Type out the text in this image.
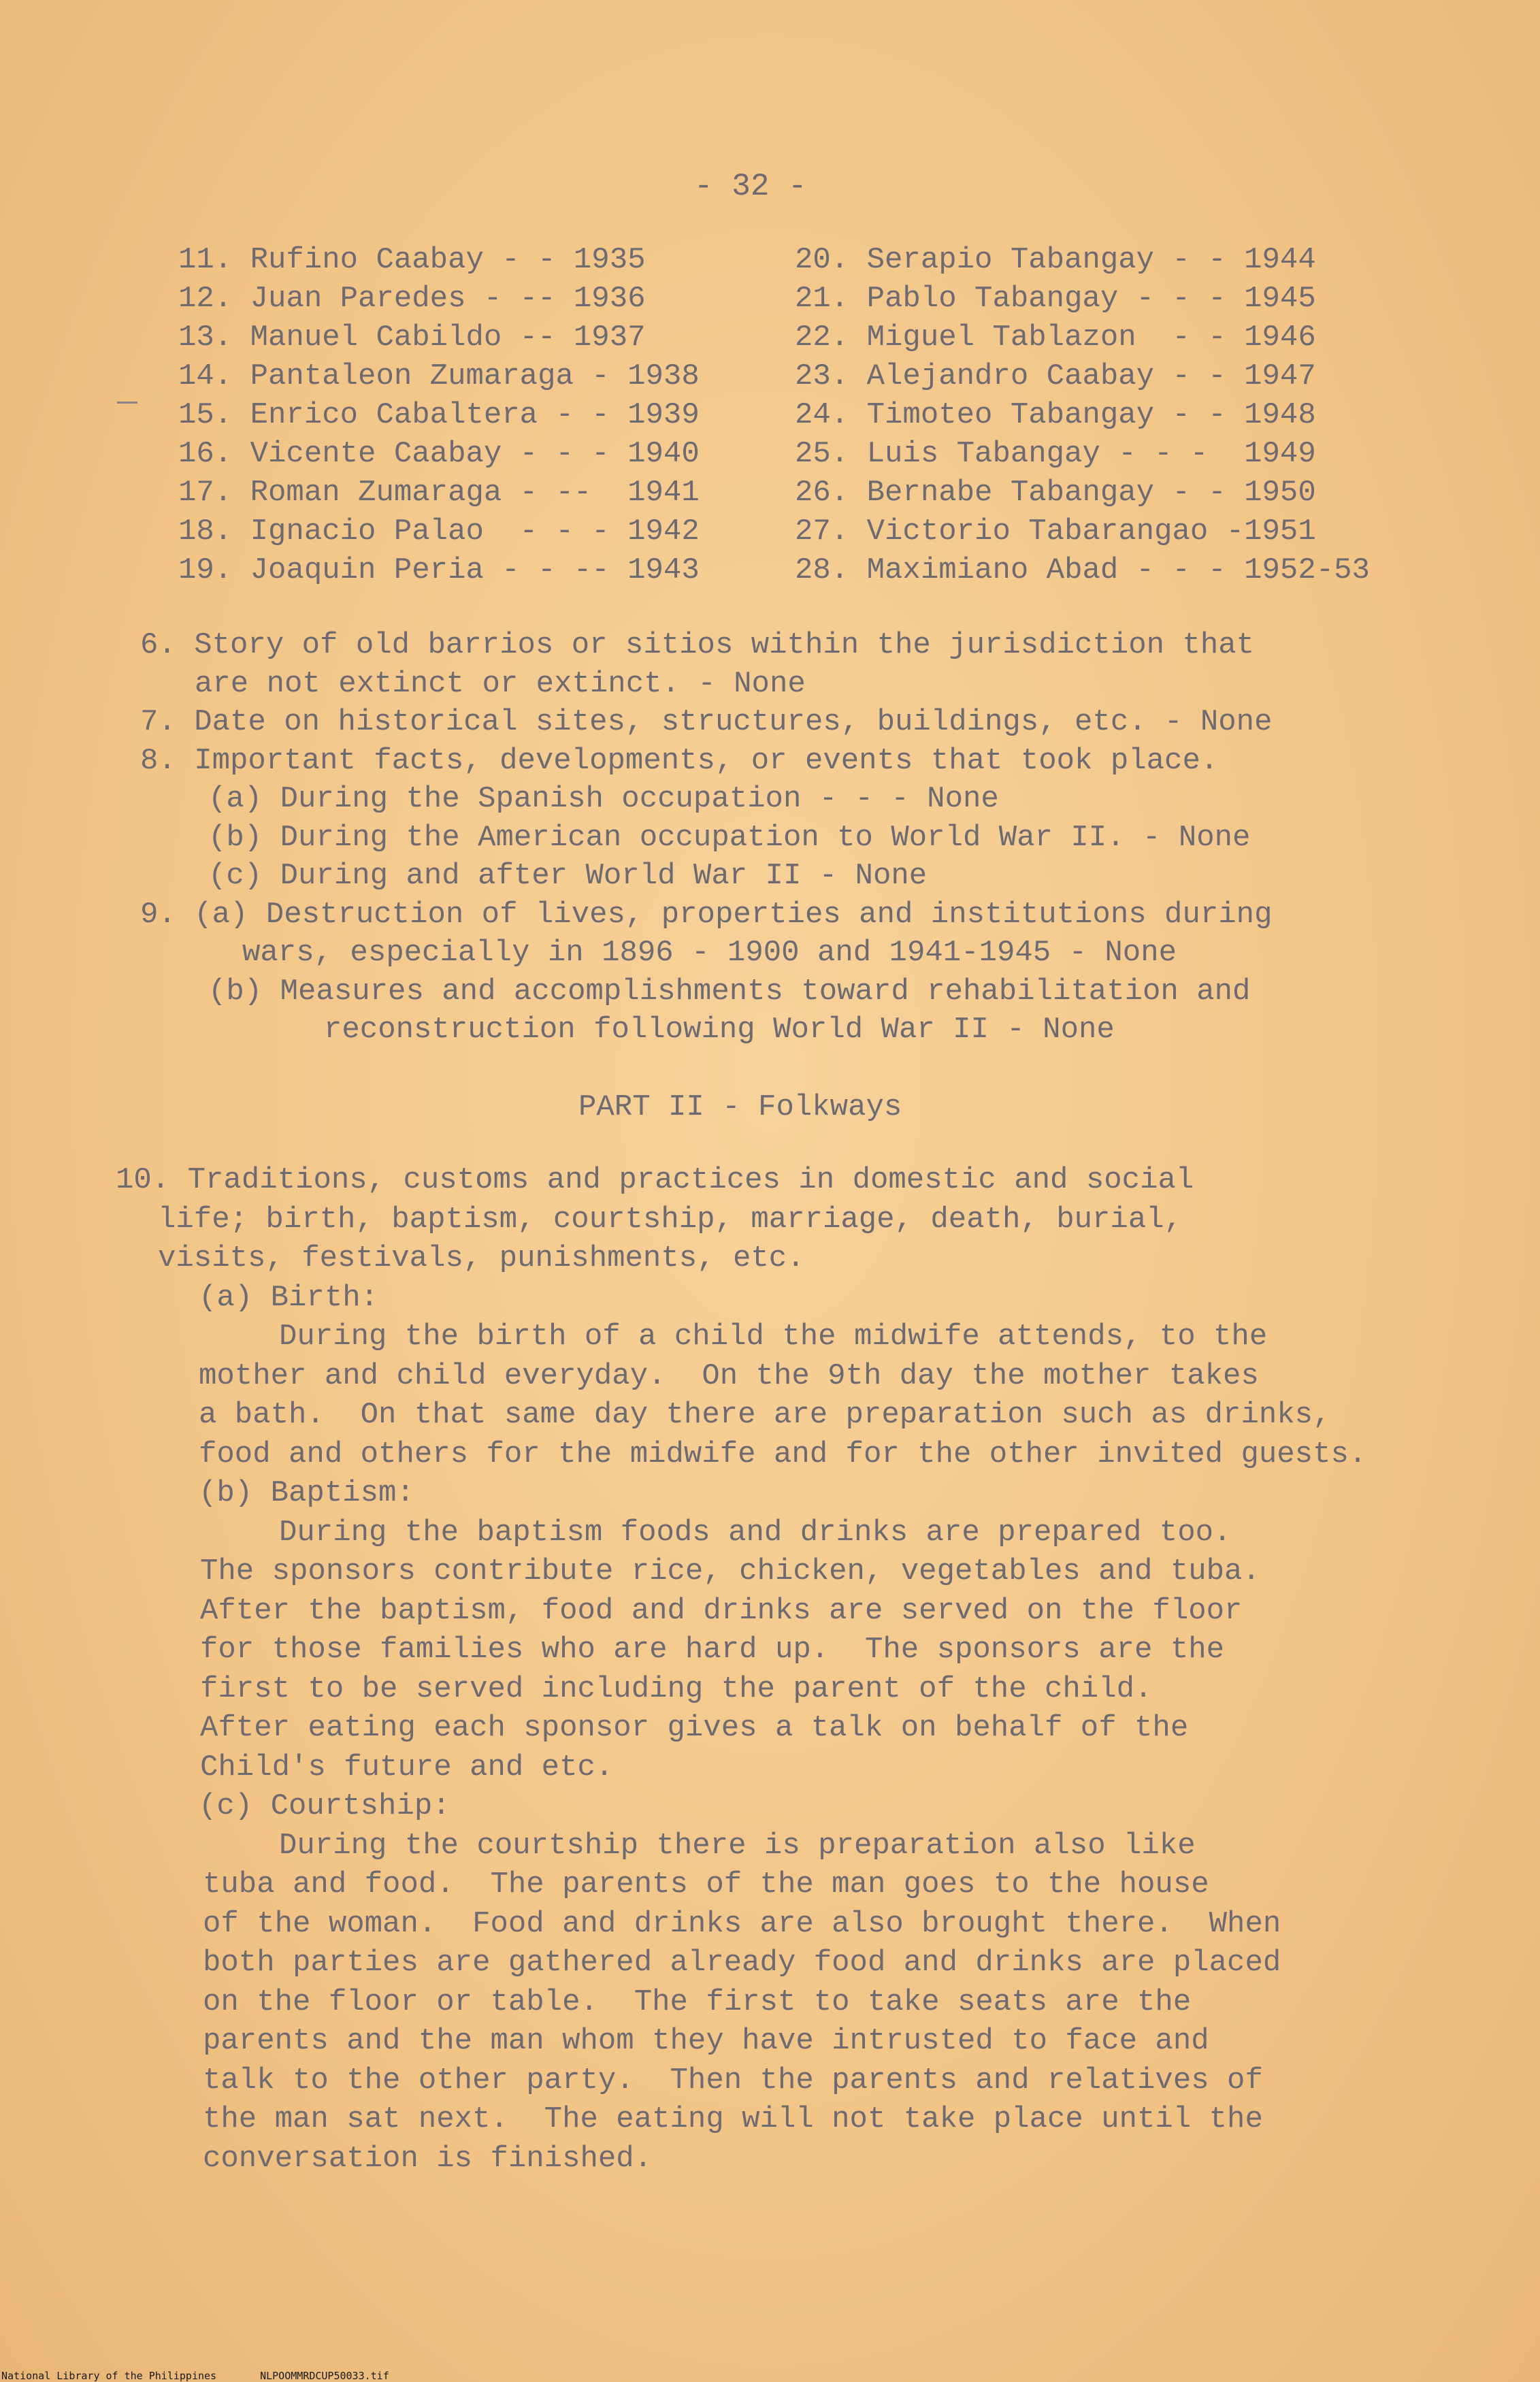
- 32 -
11. Rufino Caabay - - 1935
12. Juan Paredes - -- 1936
13. Manuel Cabildo -- 1937
14. Pantaleon Zumaraga - 1938
15. Enrico Cabaltera - - 1939
16. Vicente Caabay - - - 1940
17. Roman Zumaraga - --  1941
18. Ignacio Palao  - - - 1942
19. Joaquin Peria - - -- 1943
20. Serapio Tabangay - - 1944
21. Pablo Tabangay - - - 1945
22. Miguel Tablazon  - - 1946
23. Alejandro Caabay - - 1947
24. Timoteo Tabangay - - 1948
25. Luis Tabangay - - -  1949
26. Bernabe Tabangay - - 1950
27. Victorio Tabarangao -1951
28. Maximiano Abad - - - 1952-53
6. Story of old barrios or sitios within the jurisdiction that
are not extinct or extinct. - None
7. Date on historical sites, structures, buildings, etc. - None
8. Important facts, developments, or events that took place.
(a) During the Spanish occupation - - - None
(b) During the American occupation to World War II. - None
(c) During and after World War II - None
9. (a) Destruction of lives, properties and institutions during
wars, especially in 1896 - 1900 and 1941-1945 - None
(b) Measures and accomplishments toward rehabilitation and
reconstruction following World War II - None
PART II - Folkways
10. Traditions, customs and practices in domestic and social
life; birth, baptism, courtship, marriage, death, burial,
visits, festivals, punishments, etc.
(a) Birth:
During the birth of a child the midwife attends, to the
mother and child everyday.  On the 9th day the mother takes
a bath.  On that same day there are preparation such as drinks,
food and others for the midwife and for the other invited guests.
(b) Baptism:
During the baptism foods and drinks are prepared too.
The sponsors contribute rice, chicken, vegetables and tuba.
After the baptism, food and drinks are served on the floor
for those families who are hard up.  The sponsors are the
first to be served including the parent of the child.
After eating each sponsor gives a talk on behalf of the
Child's future and etc.
(c) Courtship:
During the courtship there is preparation also like
tuba and food.  The parents of the man goes to the house
of the woman.  Food and drinks are also brought there.  When
both parties are gathered already food and drinks are placed
on the floor or table.  The first to take seats are the
parents and the man whom they have intrusted to face and
talk to the other party.  Then the parents and relatives of
the man sat next.  The eating will not take place until the
conversation is finished.
National Library of the Philippines	NLPOOMMRDCUP50033.tif
